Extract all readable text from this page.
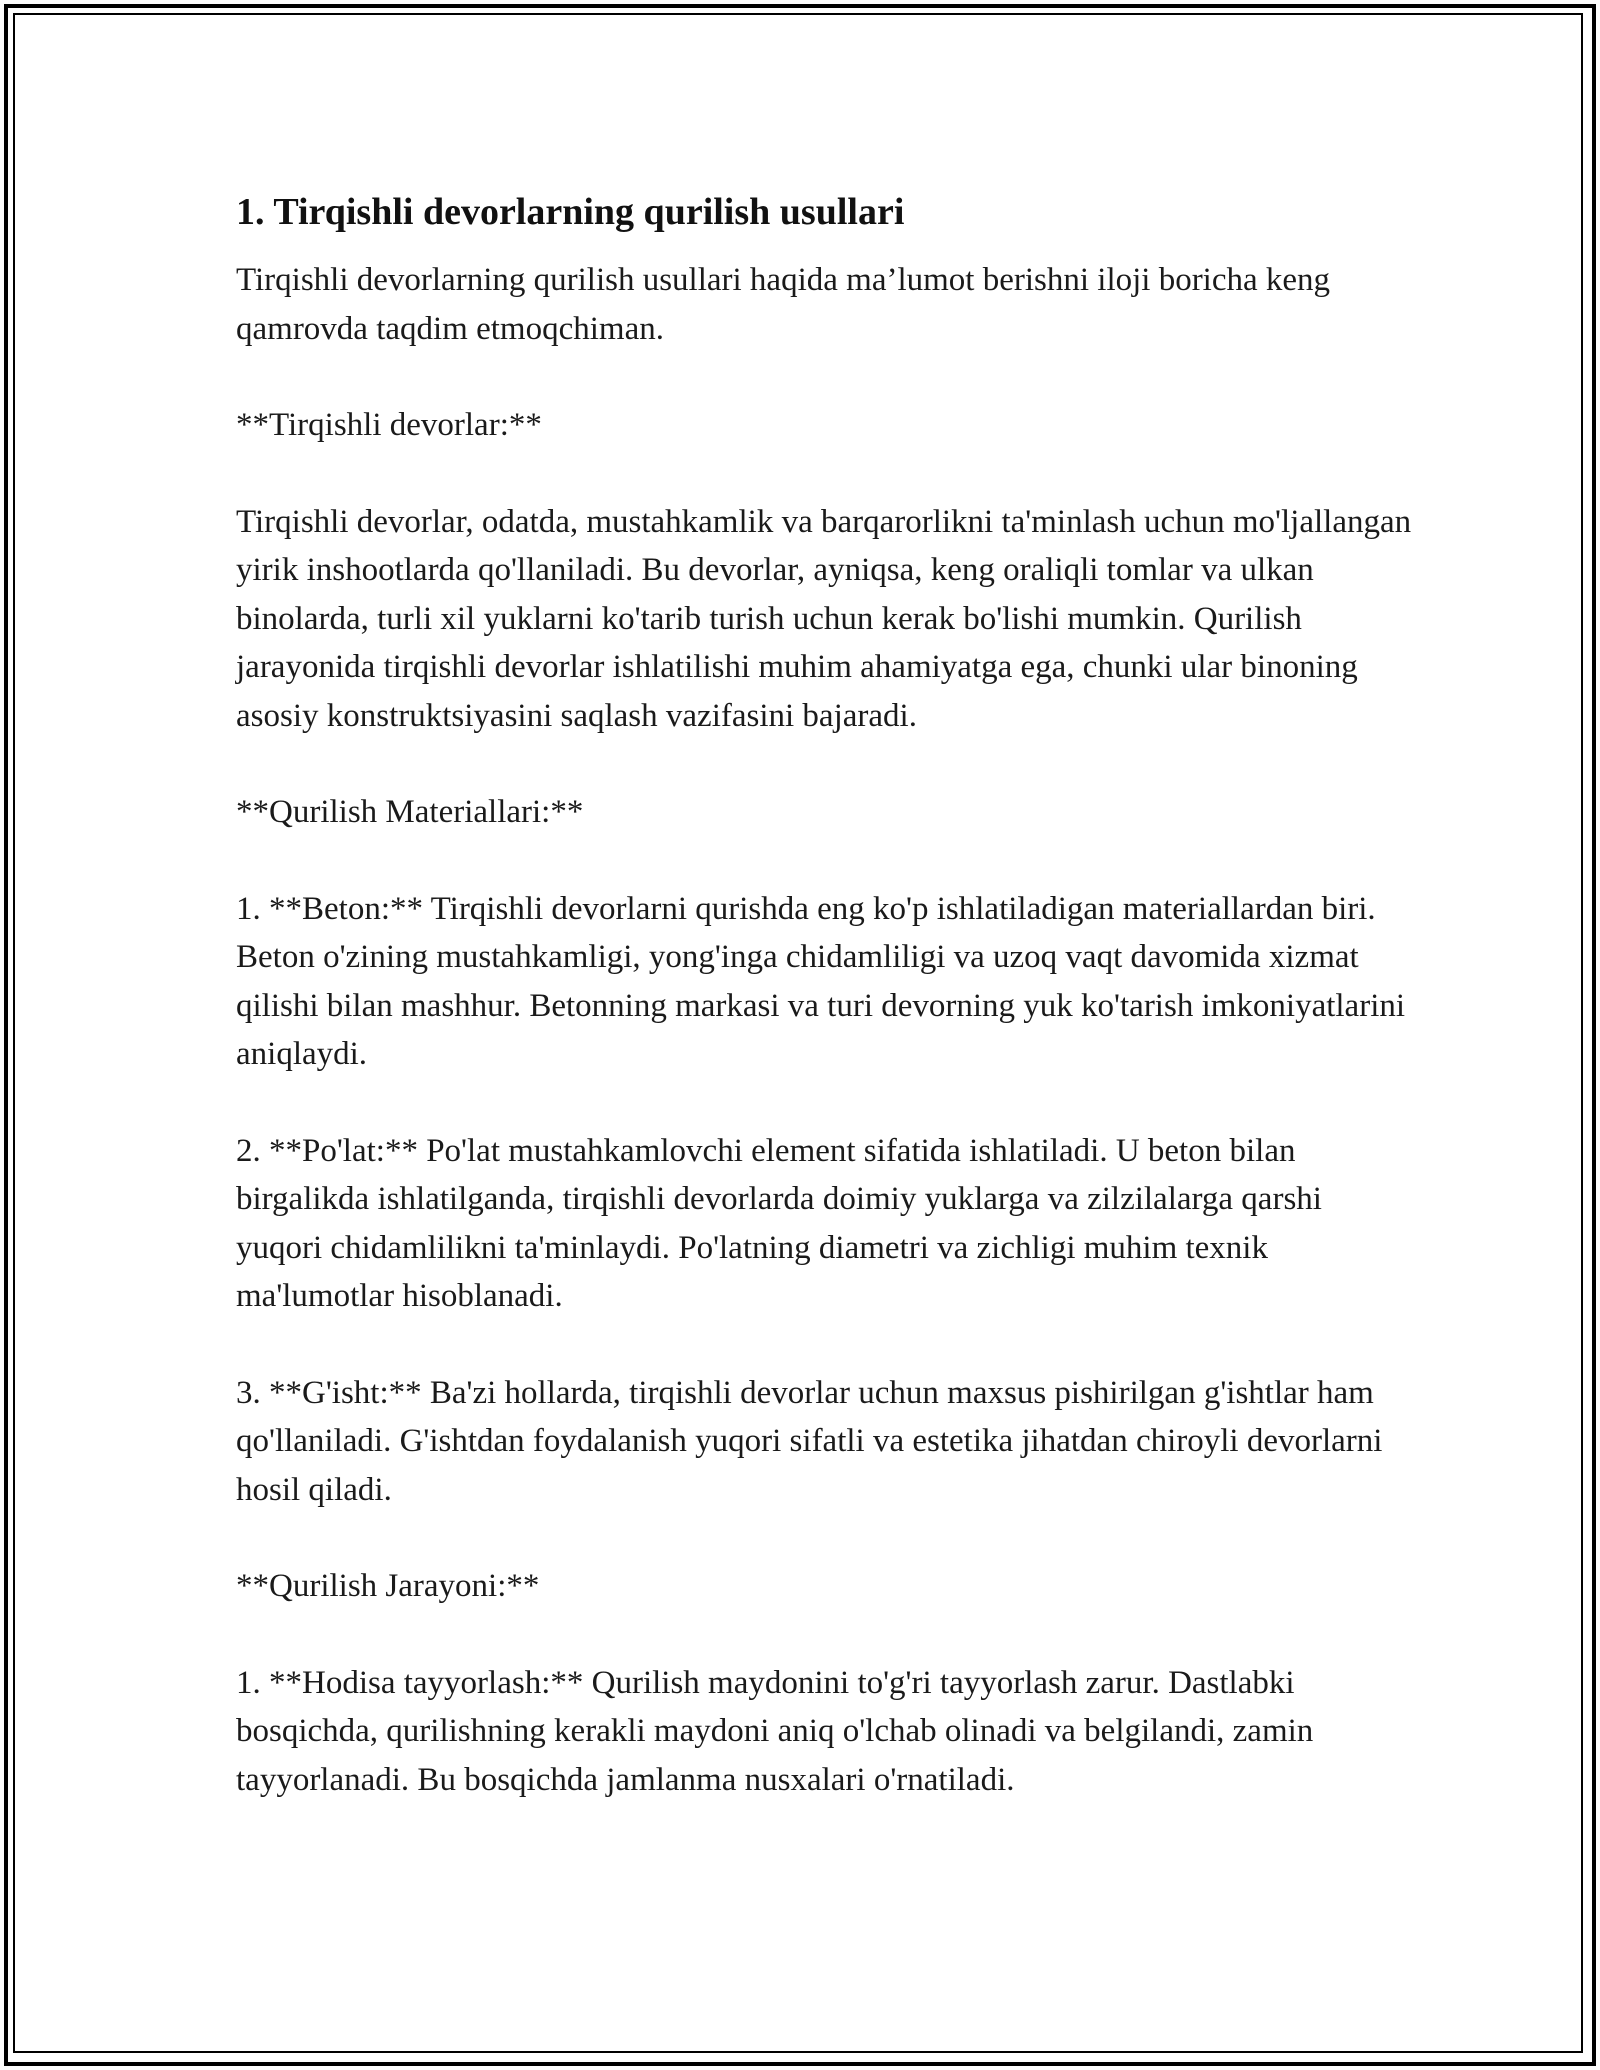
1. Tirqishli devorlarning qurilish usullari

Tirqishli devorlarning qurilish usullari haqida ma’lumot berishni iloji boricha keng qamrovda taqdim etmoqchiman.

**Tirqishli devorlar:**

Tirqishli devorlar, odatda, mustahkamlik va barqarorlikni ta'minlash uchun mo'ljallangan yirik inshootlarda qo'llaniladi. Bu devorlar, ayniqsa, keng oraliqli tomlar va ulkan binolarda, turli xil yuklarni ko'tarib turish uchun kerak bo'lishi mumkin. Qurilish jarayonida tirqishli devorlar ishlatilishi muhim ahamiyatga ega, chunki ular binoning asosiy konstruktsiyasini saqlash vazifasini bajaradi.

**Qurilish Materiallari:**

1. **Beton:** Tirqishli devorlarni qurishda eng ko'p ishlatiladigan materiallardan biri. Beton o'zining mustahkamligi, yong'inga chidamliligi va uzoq vaqt davomida xizmat qilishi bilan mashhur. Betonning markasi va turi devorning yuk ko'tarish imkoniyatlarini aniqlaydi.

2. **Po'lat:** Po'lat mustahkamlovchi element sifatida ishlatiladi. U beton bilan birgalikda ishlatilganda, tirqishli devorlarda doimiy yuklarga va zilzilalarga qarshi yuqori chidamlilikni ta'minlaydi. Po'latning diametri va zichligi muhim texnik ma'lumotlar hisoblanadi.

3. **G'isht:** Ba'zi hollarda, tirqishli devorlar uchun maxsus pishirilgan g'ishtlar ham qo'llaniladi. G'ishtdan foydalanish yuqori sifatli va estetika jihatdan chiroyli devorlarni hosil qiladi.

**Qurilish Jarayoni:**

1. **Hodisa tayyorlash:** Qurilish maydonini to'g'ri tayyorlash zarur. Dastlabki bosqichda, qurilishning kerakli maydoni aniq o'lchab olinadi va belgilandi, zamin tayyorlanadi. Bu bosqichda jamlanma nusxalari o'rnatiladi.
